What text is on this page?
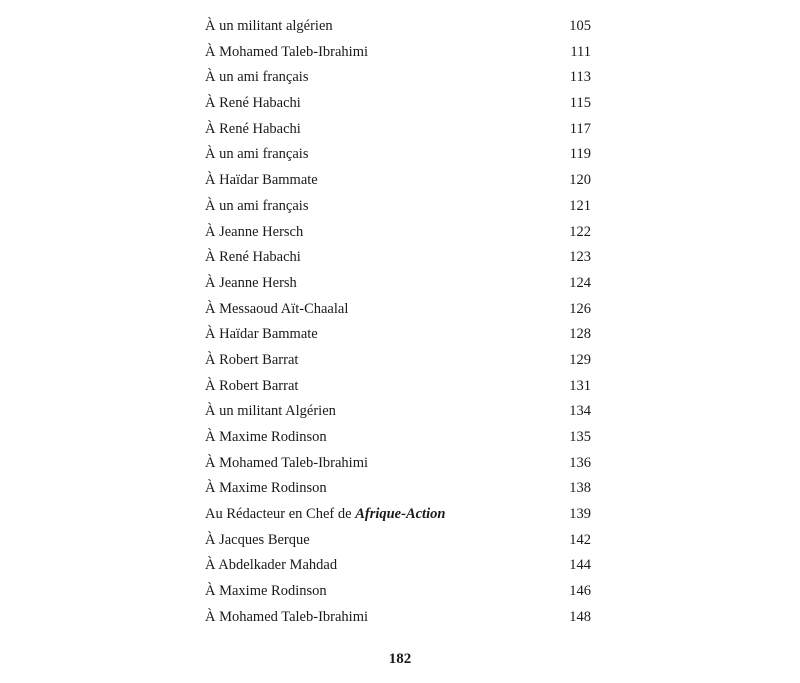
À un militant algérien	105
À Mohamed Taleb-Ibrahimi	111
À un ami français	113
À René Habachi	115
À René Habachi	117
À un ami français	119
À Haïdar Bammate	120
À un ami français	121
À Jeanne Hersch	122
À René Habachi	123
À Jeanne Hersh	124
À Messaoud Aït-Chaalal	126
À Haïdar Bammate	128
À Robert Barrat	129
À Robert Barrat	131
À un militant Algérien	134
À Maxime Rodinson	135
À Mohamed Taleb-Ibrahimi	136
À Maxime Rodinson	138
Au Rédacteur en Chef de Afrique-Action	139
À Jacques Berque	142
À Abdelkader Mahdad	144
À Maxime Rodinson	146
À Mohamed Taleb-Ibrahimi	148
182
